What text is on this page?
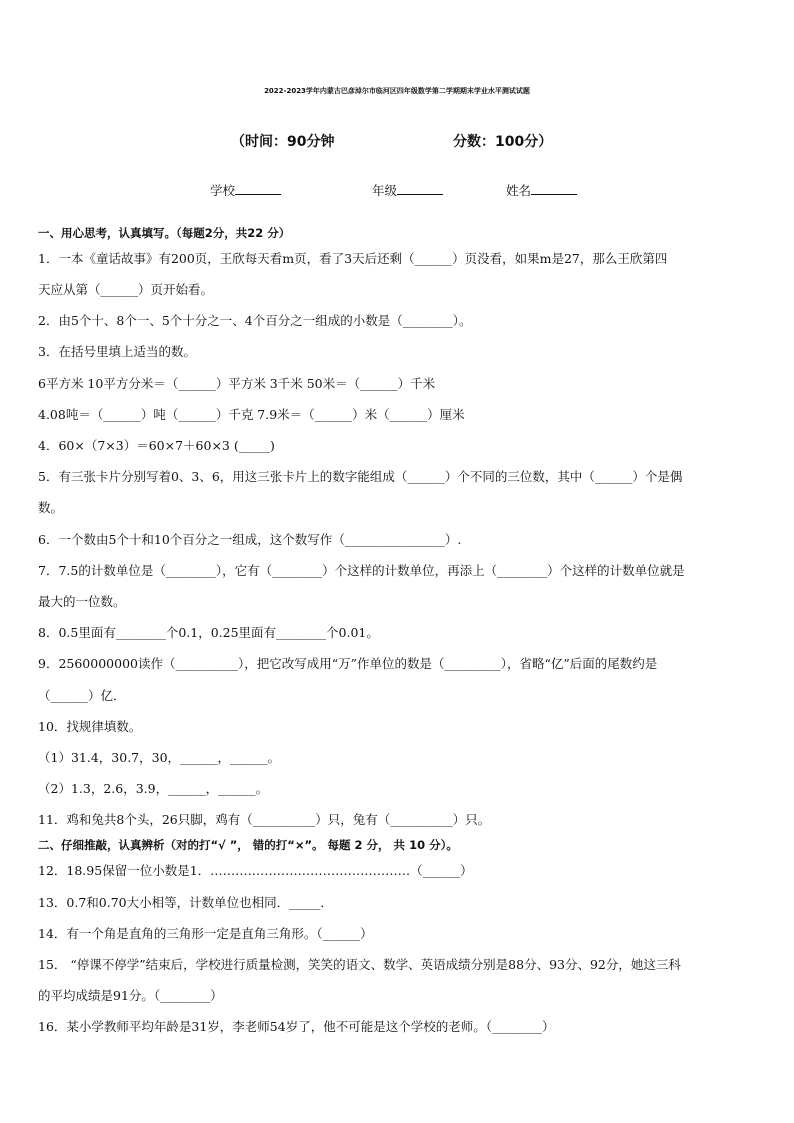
2022-2023学年内蒙古巴彦淖尔市临河区四年级数学第二学期期末学业水平测试试题
（时间：90分钟	分数：100分）
学校	年级	姓名
一、用心思考，认真填写。（每题2分，共22 分）
1．一本《童话故事》有200页，王欣每天看m页，看了3天后还剩（______）页没看，如果m是27，那么王欣第四
天应从第（______）页开始看。
2．由5个十、8个一、5个十分之一、4个百分之一组成的小数是（________）。
3．在括号里填上适当的数。
6平方米 10平方分米＝（______）平方米 3千米 50米＝（______）千米
4.08吨＝（______）吨（______）千克 7.9米＝（______）米（______）厘米
4．60×（7×3）＝60×7＋60×3 (_____)
5．有三张卡片分别写着0、3、6，用这三张卡片上的数字能组成（______）个不同的三位数，其中（______）个是偶
数。
6．一个数由5个十和10个百分之一组成，这个数写作（________________）.
7．7.5的计数单位是（________），它有（________）个这样的计数单位，再添上（________）个这样的计数单位就是
最大的一位数。
8．0.5里面有________个0.1，0.25里面有________个0.01。
9．2560000000读作（__________），把它改写成用“万”作单位的数是（_________），省略“亿”后面的尾数约是
（______）亿．
10．找规律填数。
（1）31.4，30.7，30，______，______。
（2）1.3，2.6，3.9，______，______。
11．鸡和兔共8个头，26只脚，鸡有（__________）只，兔有（__________）只。
二、仔细推敲，认真辨析（对的打“√ ”， 错的打“×”。 每题 2 分， 共 10 分）。
12．18.95保留一位小数是1．…………………………………………（______）
13．0.7和0.70大小相等，计数单位也相同．_____．
14．有一个角是直角的三角形一定是直角三角形。（______）
15． “停课不停学”结束后，学校进行质量检测，笑笑的语文、数学、英语成绩分别是88分、93分、92分，她这三科
的平均成绩是91分。（________）
16．某小学教师平均年龄是31岁，李老师54岁了，他不可能是这个学校的老师。（________）
